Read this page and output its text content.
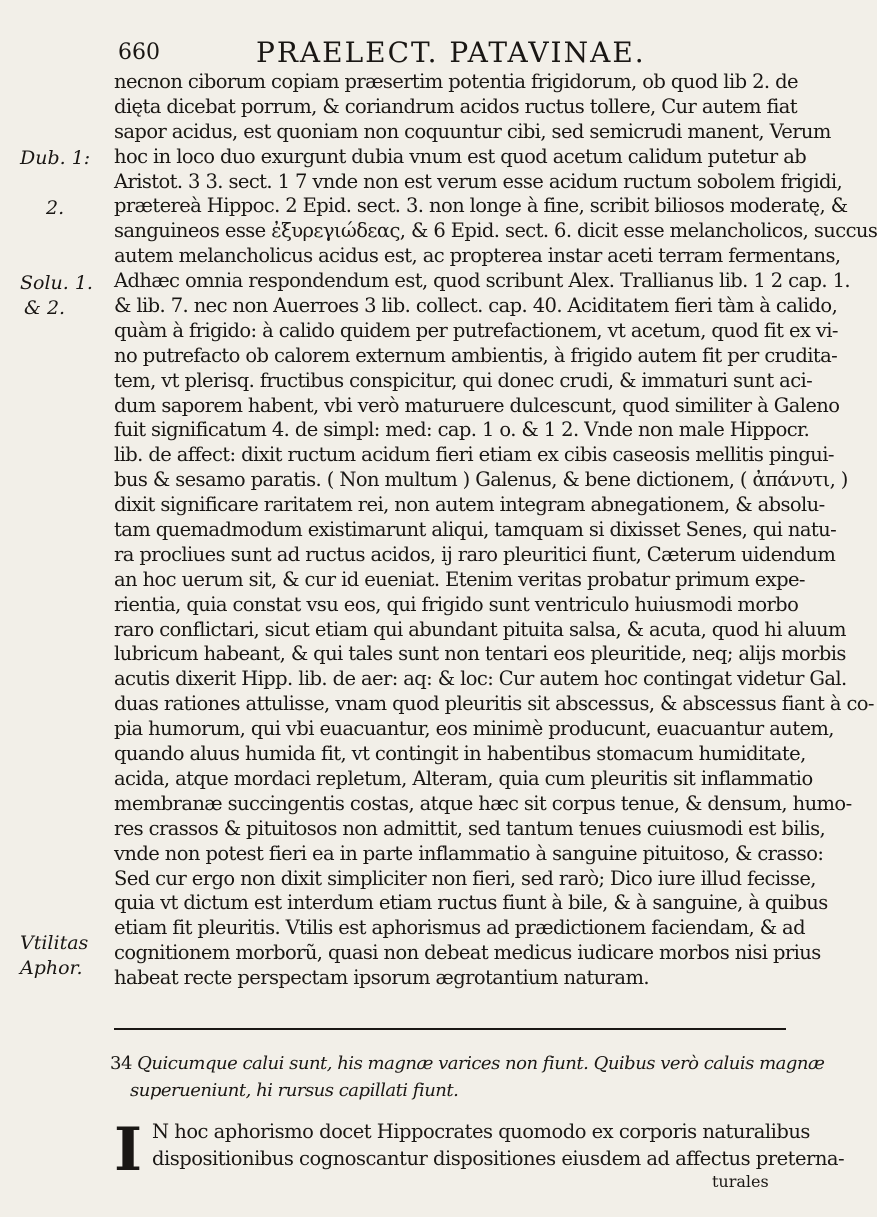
660	PRAELECT. PATAVINAE.
Dub. 1:
2.
Solu. 1.
& 2.
Vtilitas
Aphor.
necnon ciborum copiam præsertim potentia frigidorum, ob quod lib 2. de
dięta dicebat porrum, & coriandrum acidos ructus tollere, Cur autem fiat
sapor acidus, est quoniam non coquuntur cibi, sed semicrudi manent, Verum
hoc in loco duo exurgunt dubia vnum est quod acetum calidum putetur ab
Aristot. 3 3. sect. 1 7 vnde non est verum esse acidum ructum sobolem frigidi,
prætereà Hippoc. 2 Epid. sect. 3. non longe à fine, scribit biliosos moderatę, &
sanguineos esse ἐξυρεγιώδεας, & 6 Epid. sect. 6. dicit esse melancholicos, succus
autem melancholicus acidus est, ac propterea instar aceti terram fermentans,
Adhæc omnia respondendum est, quod scribunt Alex. Trallianus lib. 1 2 cap. 1.
& lib. 7. nec non Auerroes 3 lib. collect. cap. 40. Aciditatem fieri tàm à calido,
quàm à frigido: à calido quidem per putrefactionem, vt acetum, quod fit ex vi-
no putrefacto ob calorem externum ambientis, à frigido autem fit per crudita-
tem, vt plerisq. fructibus conspicitur, qui donec crudi, & immaturi sunt aci-
dum saporem habent, vbi verò maturuere dulcescunt, quod similiter à Galeno
fuit significatum 4. de simpl: med: cap. 1 o. & 1 2. Vnde non male Hippocr.
lib. de affect: dixit ructum acidum fieri etiam ex cibis caseosis mellitis pingui-
bus & sesamo paratis. ( Non multum ) Galenus, & bene dictionem, ( ἀπάνυτι, )
dixit significare raritatem rei, non autem integram abnegationem, & absolu-
tam quemadmodum existimarunt aliqui, tamquam si dixisset Senes, qui natu-
ra procliues sunt ad ructus acidos, ij raro pleuritici fiunt, Cæterum uidendum
an hoc uerum sit, & cur id eueniat. Etenim veritas probatur primum expe-
rientia, quia constat vsu eos, qui frigido sunt ventriculo huiusmodi morbo
raro conflictari, sicut etiam qui abundant pituita salsa, & acuta, quod hi aluum
lubricum habeant, & qui tales sunt non tentari eos pleuritide, neq; alijs morbis
acutis dixerit Hipp. lib. de aer: aq: & loc: Cur autem hoc contingat videtur Gal.
duas rationes attulisse, vnam quod pleuritis sit abscessus, & abscessus fiant à co-
pia humorum, qui vbi euacuantur, eos minimè producunt, euacuantur autem,
quando aluus humida fit, vt contingit in habentibus stomacum humiditate,
acida, atque mordaci repletum, Alteram, quia cum pleuritis sit inflammatio
membranæ succingentis costas, atque hæc sit corpus tenue, & densum, humo-
res crassos & pituitosos non admittit, sed tantum tenues cuiusmodi est bilis,
vnde non potest fieri ea in parte inflammatio à sanguine pituitoso, & crasso:
Sed cur ergo non dixit simpliciter non fieri, sed rarò; Dico iure illud fecisse,
quia vt dictum est interdum etiam ructus fiunt à bile, & à sanguine, à quibus
etiam fit pleuritis. Vtilis est aphorismus ad prædictionem faciendam, & ad
cognitionem morborũ, quasi non debeat medicus iudicare morbos nisi prius
habeat recte perspectam ipsorum ægrotantium naturam.
34 Quicumque calui sunt, his magnæ varices non fiunt. Quibus verò caluis magnæ
superueniunt, hi rursus capillati fiunt.
I N hoc aphorismo docet Hippocrates quomodo ex corporis naturalibus
dispositionibus cognoscantur dispositiones eiusdem ad affectus preterna-
turales
